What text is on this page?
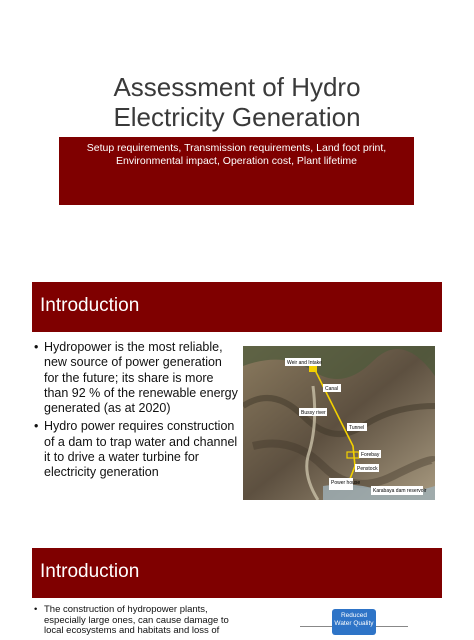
Assessment of Hydro
Electricity Generation
Setup requirements, Transmission requirements, Land foot print,
Environmental impact, Operation cost, Plant lifetime
Introduction
• Hydropower is the most reliable, new source of power generation for the future; its share is more than 92 % of the renewable energy generated (as at 2020)
• Hydro power requires construction of a dam to trap water and channel it to drive a water turbine for electricity generation
Weir and Intake
Canal
Bussy river
Tunnel
Forebay
Penstock
Power house
Karabaya dam reservoir
Introduction
• The construction of hydropower plants, especially large ones, can cause damage to local ecosystems and habitats and loss of
Reduced Water Quality
